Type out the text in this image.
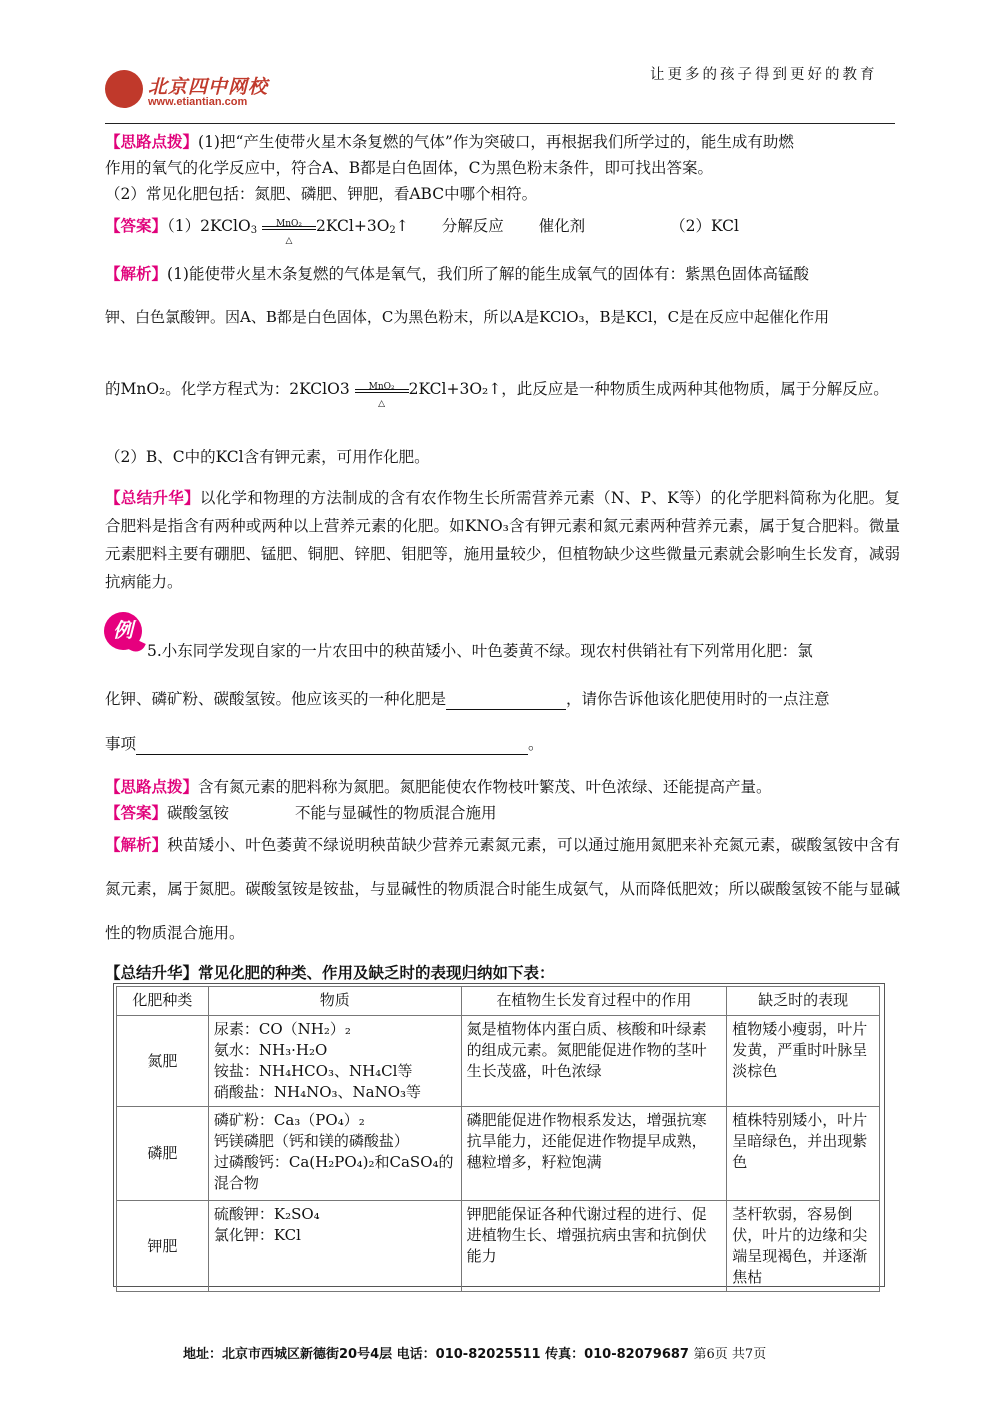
北京四中网校
www.etiantian.com
让更多的孩子得到更好的教育
【思路点拨】(1)把“产生使带火星木条复燃的气体”作为突破口，再根据我们所学过的，能生成有助燃
作用的氧气的化学反应中，符合A、B都是白色固体，C为黑色粉末条件，即可找出答案。
（2）常见化肥包括：氮肥、磷肥、钾肥，看ABC中哪个相符。
【答案】（1）2KClO$_3$ $\frac{\text{MnO₂}}{\triangle}$ $2KCl+3O_2↑$ 分解反应 催化剂	（2）KCl
【解析】(1)能使带火星木条复燃的气体是氧气，我们所了解的能生成氧气的固体有：紫黑色固体高锰酸
钾、白色氯酸钾。因A、B都是白色固体，C为黑色粉末，所以A是KClO₃，B是KCl，C是在反应中起催化作用
的MnO₂。化学方程式为：2KClO3 $\frac{\text{MnO₂}}{\triangle}$ 2KCl+3O₂↑，此反应是一种物质生成两种其他物质，属于分解反应。
（2）B、C中的KCl含有钾元素，可用作化肥。
【总结升华】以化学和物理的方法制成的含有农作物生长所需营养元素（N、P、K等）的化学肥料简称为化肥。复合肥料是指含有两种或两种以上营养元素的化肥。如KNO₃含有钾元素和氮元素两种营养元素，属于复合肥料。微量元素肥料主要有硼肥、锰肥、铜肥、锌肥、钼肥等，施用量较少，但植物缺少这些微量元素就会影响生长发育，减弱抗病能力。
例
5.小东同学发现自家的一片农田中的秧苗矮小、叶色萎黄不绿。现农村供销社有下列常用化肥：氯
化钾、磷矿粉、碳酸氢铵。他应该买的一种化肥是	，请你告诉他该化肥使用时的一点注意
事项	。
【思路点拨】含有氮元素的肥料称为氮肥。氮肥能使农作物枝叶繁茂、叶色浓绿、还能提高产量。
【答案】碳酸氢铵	不能与显碱性的物质混合施用
【解析】秧苗矮小、叶色萎黄不绿说明秧苗缺少营养元素氮元素，可以通过施用氮肥来补充氮元素，碳酸氢铵中含有氮元素，属于氮肥。碳酸氢铵是铵盐，与显碱性的物质混合时能生成氨气，从而降低肥效；所以碳酸氢铵不能与显碱性的物质混合施用。
【总结升华】常见化肥的种类、作用及缺乏时的表现归纳如下表：
化肥种类	物质	在植物生长发育过程中的作用	缺乏时的表现
氮肥	尿素：CO（NH₂）₂
氨水：NH₃·H₂O
铵盐：NH₄HCO₃、NH₄Cl等
硝酸盐：NH₄NO₃、NaNO₃等	氮是植物体内蛋白质、核酸和叶绿素的组成元素。氮肥能促进作物的茎叶生长茂盛，叶色浓绿	植物矮小瘦弱，叶片发黄，严重时叶脉呈淡棕色
磷肥	磷矿粉：Ca₃（PO₄）₂
钙镁磷肥（钙和镁的磷酸盐）
过磷酸钙：Ca(H₂PO₄)₂和CaSO₄的混合物	磷肥能促进作物根系发达，增强抗寒抗旱能力，还能促进作物提早成熟，穗粒增多，籽粒饱满	植株特别矮小，叶片呈暗绿色，并出现紫色
钾肥	硫酸钾：K₂SO₄
氯化钾：KCl	钾肥能保证各种代谢过程的进行、促进植物生长、增强抗病虫害和抗倒伏能力	茎杆软弱，容易倒伏，叶片的边缘和尖端呈现褐色，并逐渐焦枯
地址：北京市西城区新德街20号4层 电话：010-82025511 传真：010-82079687 第6页 共7页
